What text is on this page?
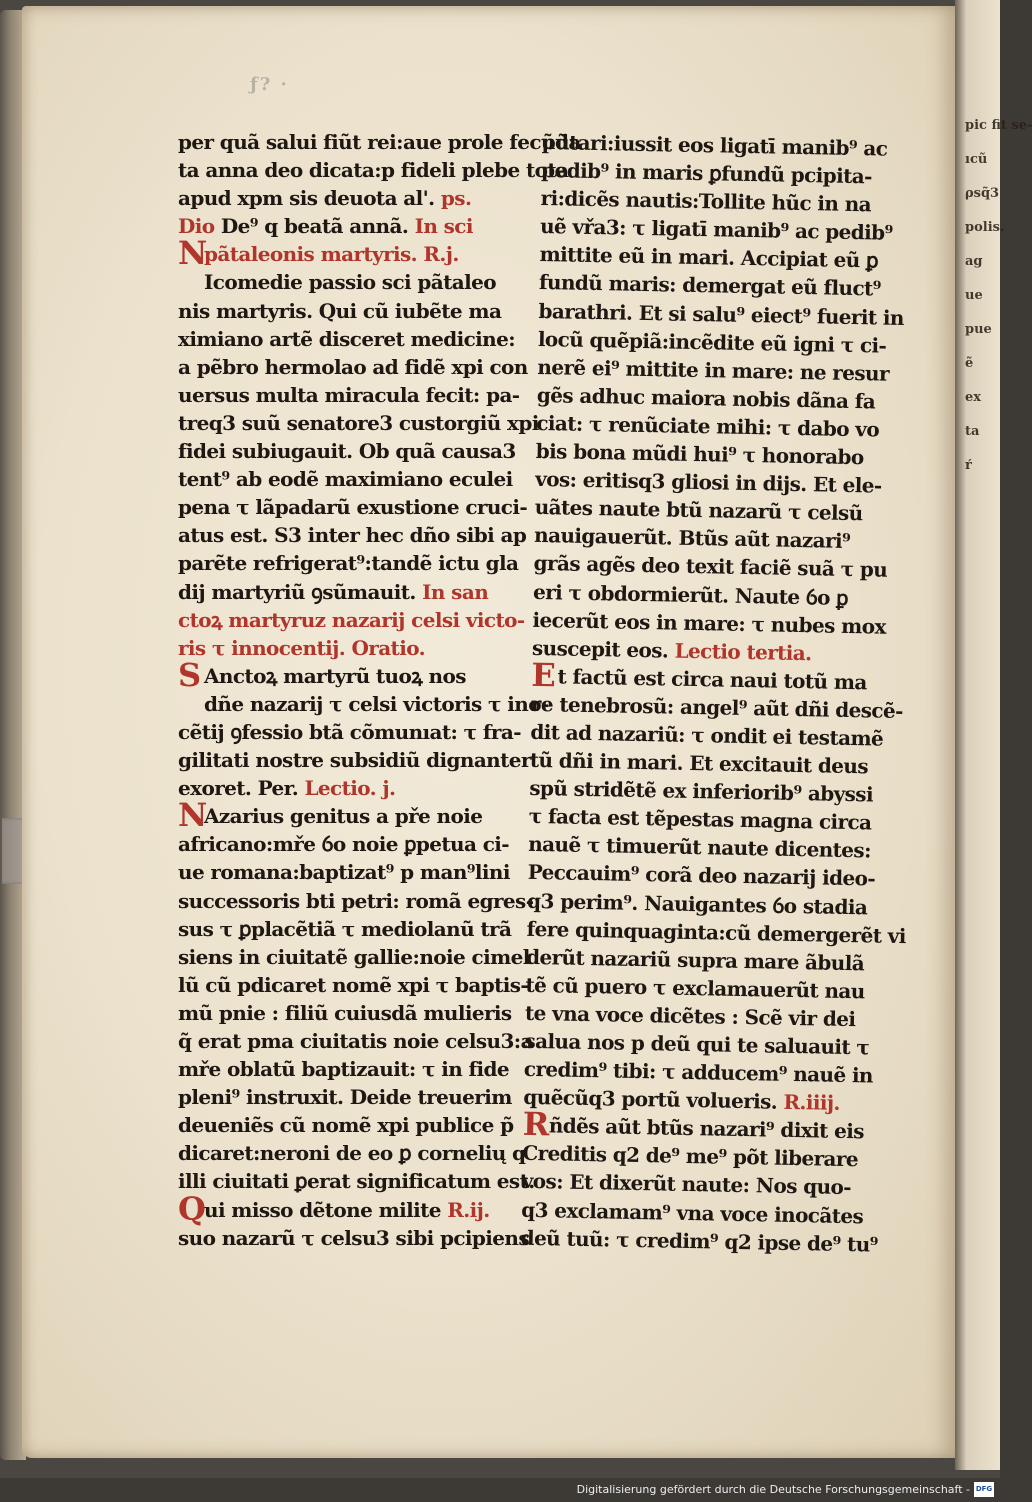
pic fit se-
ıcũ
ρsq̃3
polis.
ag
ue
pue
ẽ
ex
ta
ŕ
ƒ? ·
per quã salui fiũt rei:aue prole fecũda
ta anna deo dicata:p fideli plebe tota
apud xpm sis deuota al'. ps.
Dio De⁹ q beatã annã. In sci
Npãtaleonis martyris. R.j.
Icomedie passio sci pãtaleo
nis martyris. Qui cũ iubẽte ma
ximiano artẽ disceret medicine:
a pẽbro hermolao ad fidẽ xpi con
uersus multa miracula fecit: pa-
treq3 suũ senatore3 custorgiũ xpi
fidei subiugauit. Ob quã causa3
tent⁹ ab eodẽ maximiano eculei
pena τ lãpadarũ exustione cruci-
atus est. S3 inter hec dño sibi ap
parẽte refrigerat⁹:tandẽ ictu gla
dij martyriũ ꝯsũmauit. In san
ctoꝝ martyruz nazarij celsi victo-
ris τ innocentij. Oratio.
S Anctoꝝ martyrũ tuoꝝ nos
dñe nazarij τ celsi victoris τ ino-
cẽtij ꝯfessio btã cõmunıat: τ fra-
gilitati nostre subsidiũ dignanter
exoret. Per. Lectio. j.
NAzarius genitus a pře noie
africano:mře ỽo noie ꝑpetua ci-
ue romana:baptizat⁹ p man⁹lini
successoris bti petri: romã egres-
sus τ ꝑplacẽtiã τ mediolanũ trã
siens in ciuitatẽ gallie:noie cimel
lũ cũ pdicaret nomẽ xpi τ baptis-
mũ pnie : filiũ cuiusdã mulieris
q̃ erat pma ciuitatis noie celsu3:a
mře oblatũ baptizauit: τ in fide
pleni⁹ instruxit. Deide treuerim
deueniẽs cũ nomẽ xpi publice p̃
dicaret:neroni de eo ꝑ cornelių q
illi ciuitati ꝑerat significatum est.
Qui misso dẽtone milite R.ij.
suo nazarũ τ celsu3 sibi pcipiens
pũtari:iussit eos ligatī manib⁹ ac
pedib⁹ in maris ꝑfundũ pcipita-
ri:dicẽs nautis:Tollite hũc in na
uẽ vřa3: τ ligatī manib⁹ ac pedib⁹
mittite eũ in mari. Accipiat eũ ꝑ
fundũ maris: demergat eũ fluct⁹
barathri. Et si salu⁹ eiect⁹ fuerit in
locũ quẽpiã:incẽdite eũ igni τ ci-
nerẽ ei⁹ mittite in mare: ne resur
gẽs adhuc maiora nobis dãna fa
ciat: τ renũciate mihi: τ dabo vo
bis bona mũdi hui⁹ τ honorabo
vos: eritisq3 gliosi in dijs. Et ele-
uãtes naute btũ nazarũ τ celsũ
nauigauerũt. Btũs aũt nazari⁹
grãs agẽs deo texit faciẽ suã τ pu
eri τ obdormierũt. Naute ỽo ꝑ
iecerũt eos in mare: τ nubes mox
suscepit eos. Lectio tertia.
Et factũ est circa naui totũ ma
re tenebrosũ: angel⁹ aũt dñi descẽ-
dit ad nazariũ: τ ondit ei testamẽ
tũ dñi in mari. Et excitauit deus
spũ stridẽtẽ ex inferiorib⁹ abyssi
τ facta est tẽpestas magna circa
nauẽ τ timuerũt naute dicentes:
Peccauim⁹ corã deo nazarij ideo-
q3 perim⁹. Nauigantes ỽo stadia
fere quinquaginta:cũ demergerẽt vi
derũt nazariũ supra mare ãbulã
tẽ cũ puero τ exclamauerũt nau
te vna voce dicẽtes : Scẽ vir dei
salua nos p deũ qui te saluauit τ
credim⁹ tibi: τ adducem⁹ nauẽ in
quẽcũq3 portũ volueris. R.iiij.
Rñdẽs aũt btũs nazari⁹ dixit eis
Creditis q2 de⁹ me⁹ põt liberare
vos: Et dixerũt naute: Nos quo-
q3 exclamam⁹ vna voce inocãtes
deũ tuũ: τ credim⁹ q2 ipse de⁹ tu⁹
Digitalisierung gefördert durch die Deutsche Forschungsgemeinschaft - DFG
